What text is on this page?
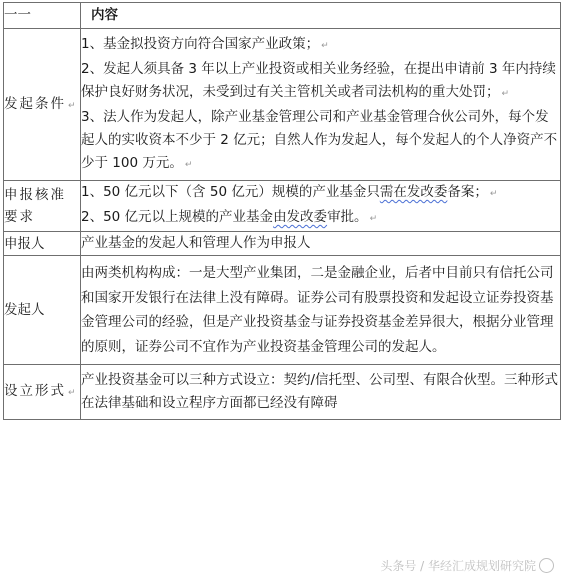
一一	内容
发起条件 ↵	1、基金拟投资方向符合国家产业政策； ↵
2、发起人须具备 3 年以上产业投资或相关业务经验，在提出申请前 3 年内持续保护良好财务状况，未受到过有关主管机关或者司法机构的重大处罚； ↵
3、法人作为发起人，除产业基金管理公司和产业基金管理合伙公司外，每个发起人的实收资本不少于 2 亿元；自然人作为发起人，每个发起人的个人净资产不少于 100 万元。 ↵

申报核准要求	1、50 亿元以下（含 50 亿元）规模的产业基金只需在发改委备案； ↵
2、50 亿元以上规模的产业基金由发改委审批。 ↵

申报人	产业基金的发起人和管理人作为申报人
发起人	由两类机构构成：一是大型产业集团，二是金融企业，后者中目前只有信托公司和国家开发银行在法律上没有障碍。证券公司有股票投资和发起设立证券投资基金管理公司的经验，但是产业投资基金与证券投资基金差异很大，根据分业管理的原则，证券公司不宜作为产业投资基金管理公司的发起人。
设立形式 ↵	产业投资基金可以三种方式设立：契约/信托型、公司型、有限合伙型。三种形式在法律基础和设立程序方面都已经没有障碍
头条号 / 华经汇成规划研究院
